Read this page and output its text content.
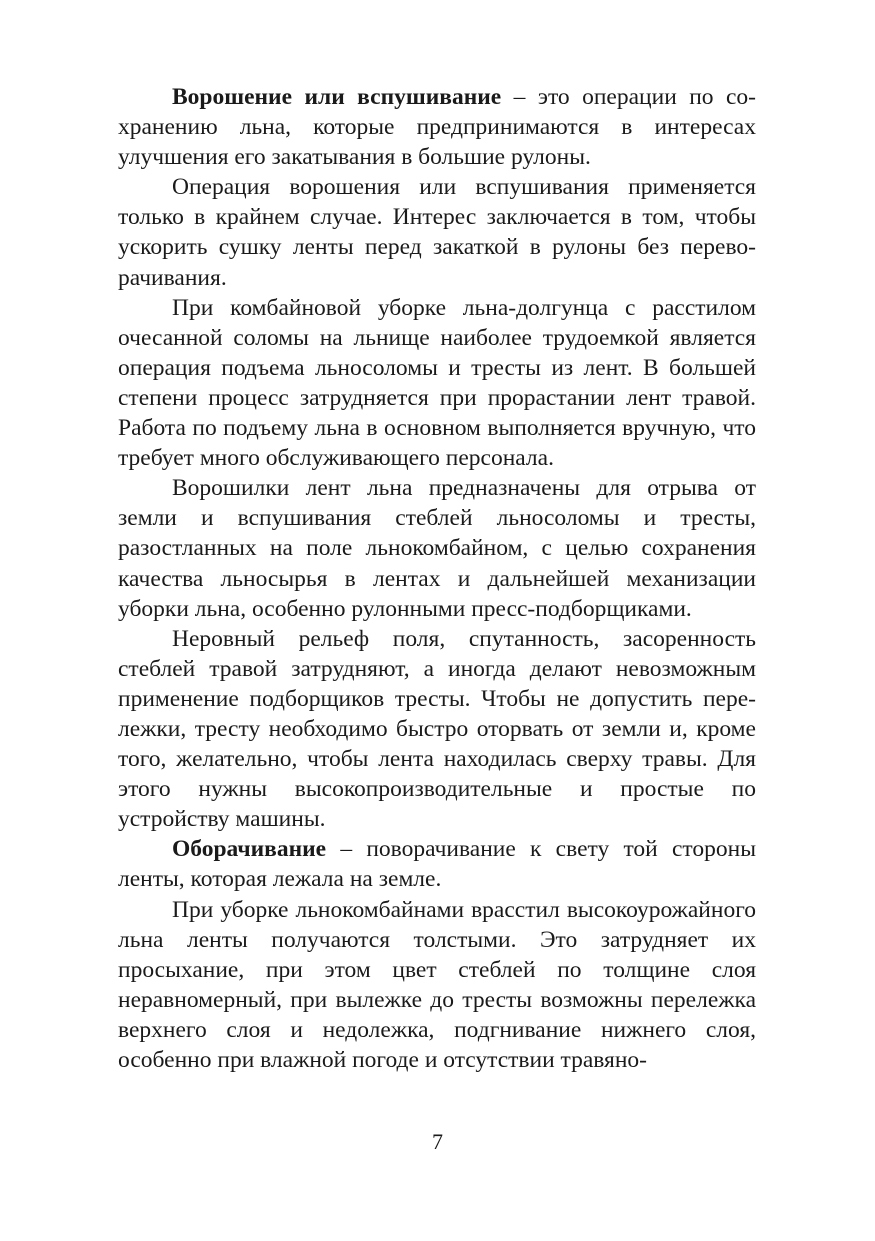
Ворошение или вспушивание – это операции по сохранению льна, которые предпринимаются в интересах улучшения его закатывания в большие рулоны.

Операция ворошения или вспушивания применяется только в крайнем случае. Интерес заключается в том, чтобы ускорить сушку ленты перед закаткой в рулоны без переворачивания.

При комбайновой уборке льна-долгунца с расстилом очесанной соломы на льнище наиболее трудоемкой является операция подъема льносоломы и тресты из лент. В большей степени процесс затрудняется при прорастании лент травой. Работа по подъему льна в основном выполняется вручную, что требует много обслуживающего персонала.

Ворошилки лент льна предназначены для отрыва от земли и вспушивания стеблей льносоломы и тресты, разостланных на поле льнокомбайном, с целью сохранения качества льносырья в лентах и дальнейшей механизации уборки льна, особенно рулонными пресс-подборщиками.

Неровный рельеф поля, спутанность, засоренность стеблей травой затрудняют, а иногда делают невозможным применение подборщиков тресты. Чтобы не допустить перележки, тресту необходимо быстро оторвать от земли и, кроме того, желательно, чтобы лента находилась сверху травы. Для этого нужны высокопроизводительные и простые по устройству машины.

Оборачивание – поворачивание к свету той стороны ленты, которая лежала на земле.

При уборке льнокомбайнами врасстил высокоурожайного льна ленты получаются толстыми. Это затрудняет их просыхание, при этом цвет стеблей по толщине слоя неравномерный, при вылежке до тресты возможны перележка верхнего слоя и недолежка, подгнивание нижнего слоя, особенно при влажной погоде и отсутствии травяно-

7
